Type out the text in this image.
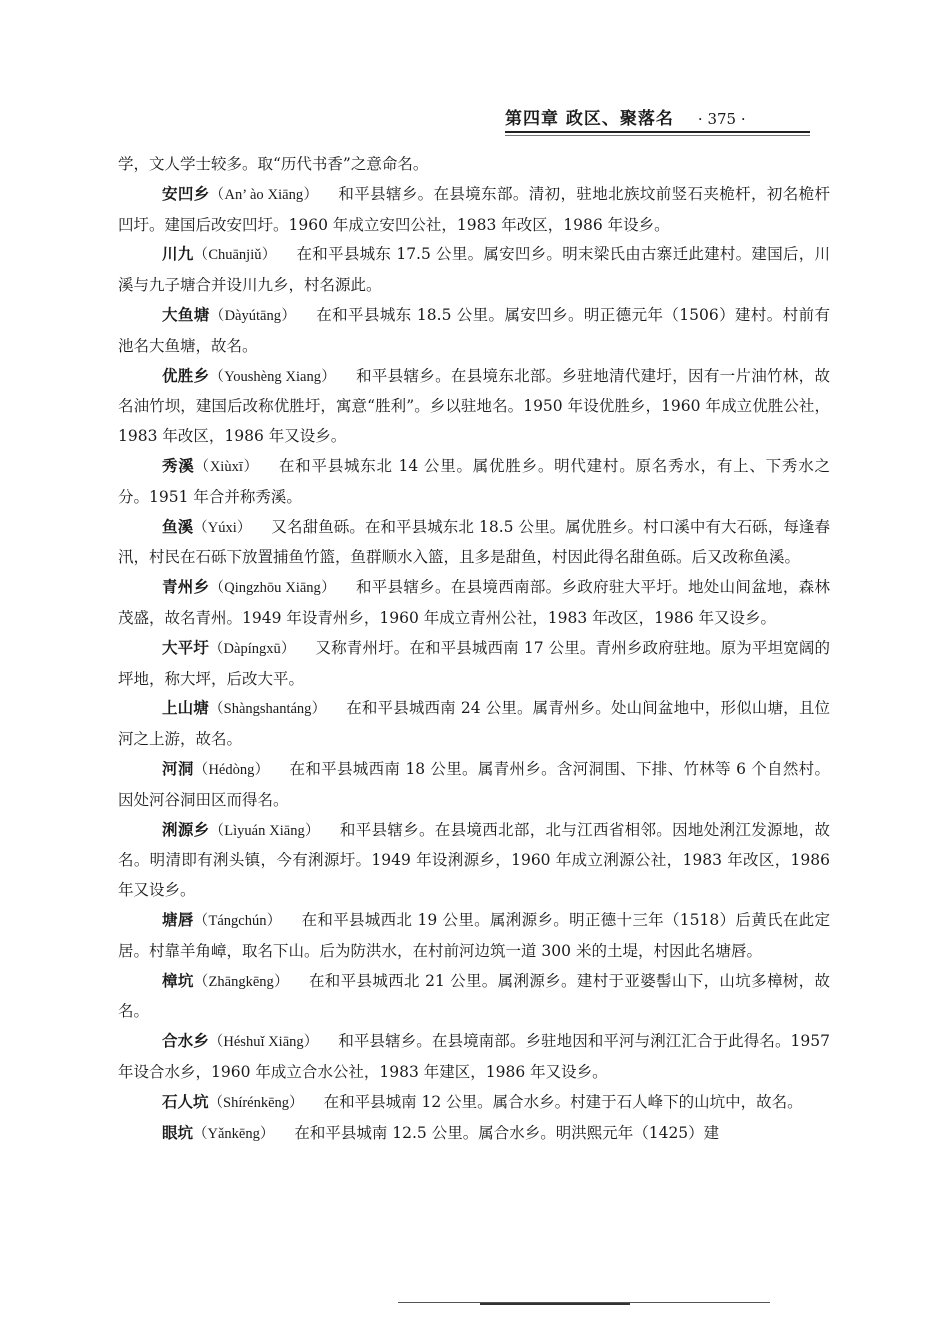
第四章 政区、聚落名 · 375 ·

学，文人学士较多。取“历代书香”之意命名。

安凹乡（An’ ào Xiāng） 和平县辖乡。在县境东部。清初，驻地北族坟前竖石夹桅杆，初名桅杆凹圩。建国后改安凹圩。1960 年成立安凹公社，1983 年改区，1986 年设乡。

川九（Chuānjiǔ） 在和平县城东 17.5 公里。属安凹乡。明末梁氏由古寨迁此建村。建国后，川溪与九子塘合并设川九乡，村名源此。

大鱼塘（Dàyútāng） 在和平县城东 18.5 公里。属安凹乡。明正德元年（1506）建村。村前有池名大鱼塘，故名。

优胜乡（Youshèng Xiang） 和平县辖乡。在县境东北部。乡驻地清代建圩，因有一片油竹林，故名油竹坝，建国后改称优胜圩，寓意“胜利”。乡以驻地名。1950 年设优胜乡，1960 年成立优胜公社，1983 年改区，1986 年又设乡。

秀溪（Xiùxī） 在和平县城东北 14 公里。属优胜乡。明代建村。原名秀水，有上、下秀水之分。1951 年合并称秀溪。

鱼溪（Yúxi） 又名甜鱼砾。在和平县城东北 18.5 公里。属优胜乡。村口溪中有大石砾，每逢春汛，村民在石砾下放置捕鱼竹篮，鱼群顺水入篮，且多是甜鱼，村因此得名甜鱼砾。后又改称鱼溪。

青州乡（Qingzhōu Xiāng） 和平县辖乡。在县境西南部。乡政府驻大平圩。地处山间盆地，森林茂盛，故名青州。1949 年设青州乡，1960 年成立青州公社，1983 年改区，1986 年又设乡。

大平圩（Dàpíngxū） 又称青州圩。在和平县城西南 17 公里。青州乡政府驻地。原为平坦宽阔的坪地，称大坪，后改大平。

上山塘（Shàngshantáng） 在和平县城西南 24 公里。属青州乡。处山间盆地中，形似山塘，且位河之上游，故名。

河洞（Hédòng） 在和平县城西南 18 公里。属青州乡。含河洞围、下排、竹林等 6 个自然村。因处河谷洞田区而得名。

浰源乡（Lìyuán Xiāng） 和平县辖乡。在县境西北部，北与江西省相邻。因地处浰江发源地，故名。明清即有浰头镇，今有浰源圩。1949 年设浰源乡，1960 年成立浰源公社，1983 年改区，1986 年又设乡。

塘唇（Tángchún） 在和平县城西北 19 公里。属浰源乡。明正德十三年（1518）后黄氏在此定居。村靠羊角嶂，取名下山。后为防洪水，在村前河边筑一道 300 米的土堤，村因此名塘唇。

樟坑（Zhāngkēng） 在和平县城西北 21 公里。属浰源乡。建村于亚婆髻山下，山坑多樟树，故名。

合水乡（Héshuǐ Xiāng） 和平县辖乡。在县境南部。乡驻地因和平河与浰江汇合于此得名。1957 年设合水乡，1960 年成立合水公社，1983 年建区，1986 年又设乡。

石人坑（Shírénkēng） 在和平县城南 12 公里。属合水乡。村建于石人峰下的山坑中，故名。

眼坑（Yǎnkēng） 在和平县城南 12.5 公里。属合水乡。明洪熙元年（1425）建
